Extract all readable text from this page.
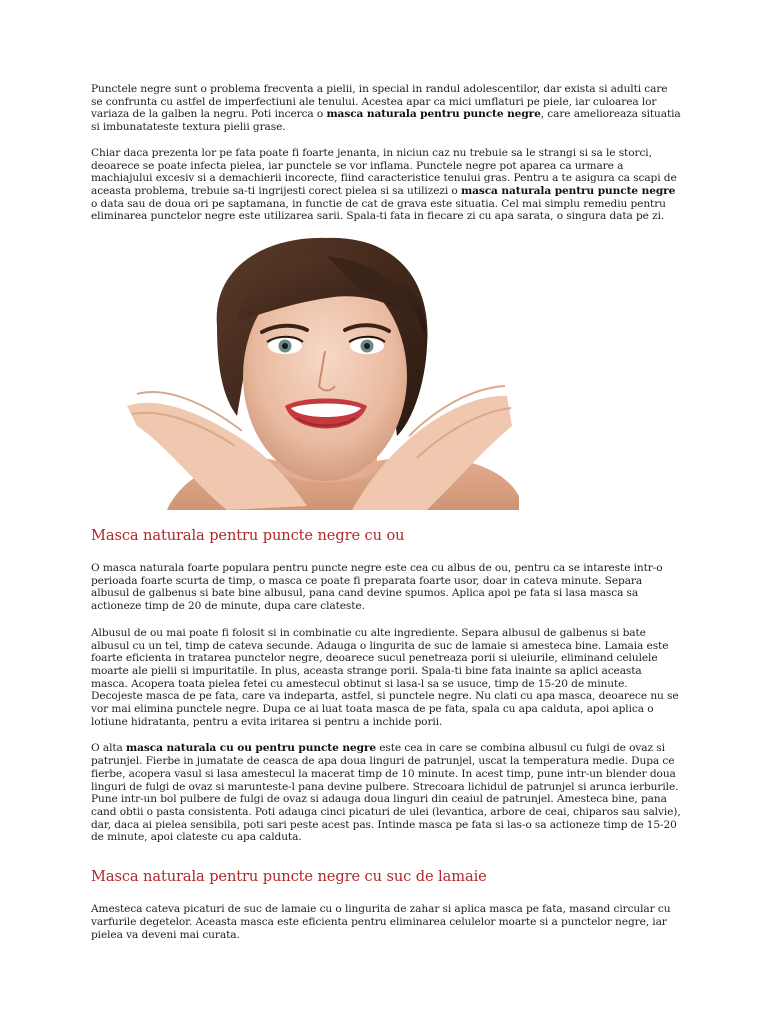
Punctele negre sunt o problema frecventa a pielii, in special in randul adolescentilor, dar exista si adulti care se confrunta cu astfel de imperfectiuni ale tenului. Acestea apar ca mici umflaturi pe piele, iar culoarea lor variaza de la galben la negru. Poti incerca o masca naturala pentru puncte negre, care amelioreaza situatia si imbunatateste textura pielii grase.

Chiar daca prezenta lor pe fata poate fi foarte jenanta, in niciun caz nu trebuie sa le strangi si sa le storci, deoarece se poate infecta pielea, iar punctele se vor inflama. Punctele negre pot aparea ca urmare a machiajului excesiv si a demachierii incorecte, fiind caracteristice tenului gras. Pentru a te asigura ca scapi de aceasta problema, trebuie sa-ti ingrijesti corect pielea si sa utilizezi o masca naturala pentru puncte negre o data sau de doua ori pe saptamana, in functie de cat de grava este situatia. Cel mai simplu remediu pentru eliminarea punctelor negre este utilizarea sarii. Spala-ti fata in fiecare zi cu apa sarata, o singura data pe zi.

Masca naturala pentru puncte negre cu ou

O masca naturala foarte populara pentru puncte negre este cea cu albus de ou, pentru ca se intareste intr-o perioada foarte scurta de timp, o masca ce poate fi preparata foarte usor, doar in cateva minute. Separa albusul de galbenus si bate bine albusul, pana cand devine spumos. Aplica apoi pe fata si lasa masca sa actioneze timp de 20 de minute, dupa care clateste.

Albusul de ou mai poate fi folosit si in combinatie cu alte ingrediente. Separa albusul de galbenus si bate albusul cu un tel, timp de cateva secunde. Adauga o lingurita de suc de lamaie si amesteca bine. Lamaia este foarte eficienta in tratarea punctelor negre, deoarece sucul penetreaza porii si uleiurile, eliminand celulele moarte ale pielii si impuritatile. In plus, aceasta strange porii. Spala-ti bine fata inainte sa aplici aceasta masca. Acopera toata pielea fetei cu amestecul obtinut si lasa-l sa se usuce, timp de 15-20 de minute. Decojeste masca de pe fata, care va indeparta, astfel, si punctele negre. Nu clati cu apa masca, deoarece nu se vor mai elimina punctele negre. Dupa ce ai luat toata masca de pe fata, spala cu apa calduta, apoi aplica o lotiune hidratanta, pentru a evita iritarea si pentru a inchide porii.

O alta masca naturala cu ou pentru puncte negre este cea in care se combina albusul cu fulgi de ovaz si patrunjel. Fierbe in jumatate de ceasca de apa doua linguri de patrunjel, uscat la temperatura medie. Dupa ce fierbe, acopera vasul si lasa amestecul la macerat timp de 10 minute. In acest timp, pune intr-un blender doua linguri de fulgi de ovaz si marunteste-l pana devine pulbere. Strecoara lichidul de patrunjel si arunca ierburile. Pune intr-un bol pulbere de fulgi de ovaz si adauga doua linguri din ceaiul de patrunjel. Amesteca bine, pana cand obtii o pasta consistenta. Poti adauga cinci picaturi de ulei (levantica, arbore de ceai, chiparos sau salvie), dar, daca ai pielea sensibila, poti sari peste acest pas. Intinde masca pe fata si las-o sa actioneze timp de 15-20 de minute, apoi clateste cu apa calduta.

Masca naturala pentru puncte negre cu suc de lamaie

Amesteca cateva picaturi de suc de lamaie cu o lingurita de zahar si aplica masca pe fata, masand circular cu varfurile degetelor. Aceasta masca este eficienta pentru eliminarea celulelor moarte si a punctelor negre, iar pielea va deveni mai curata.
